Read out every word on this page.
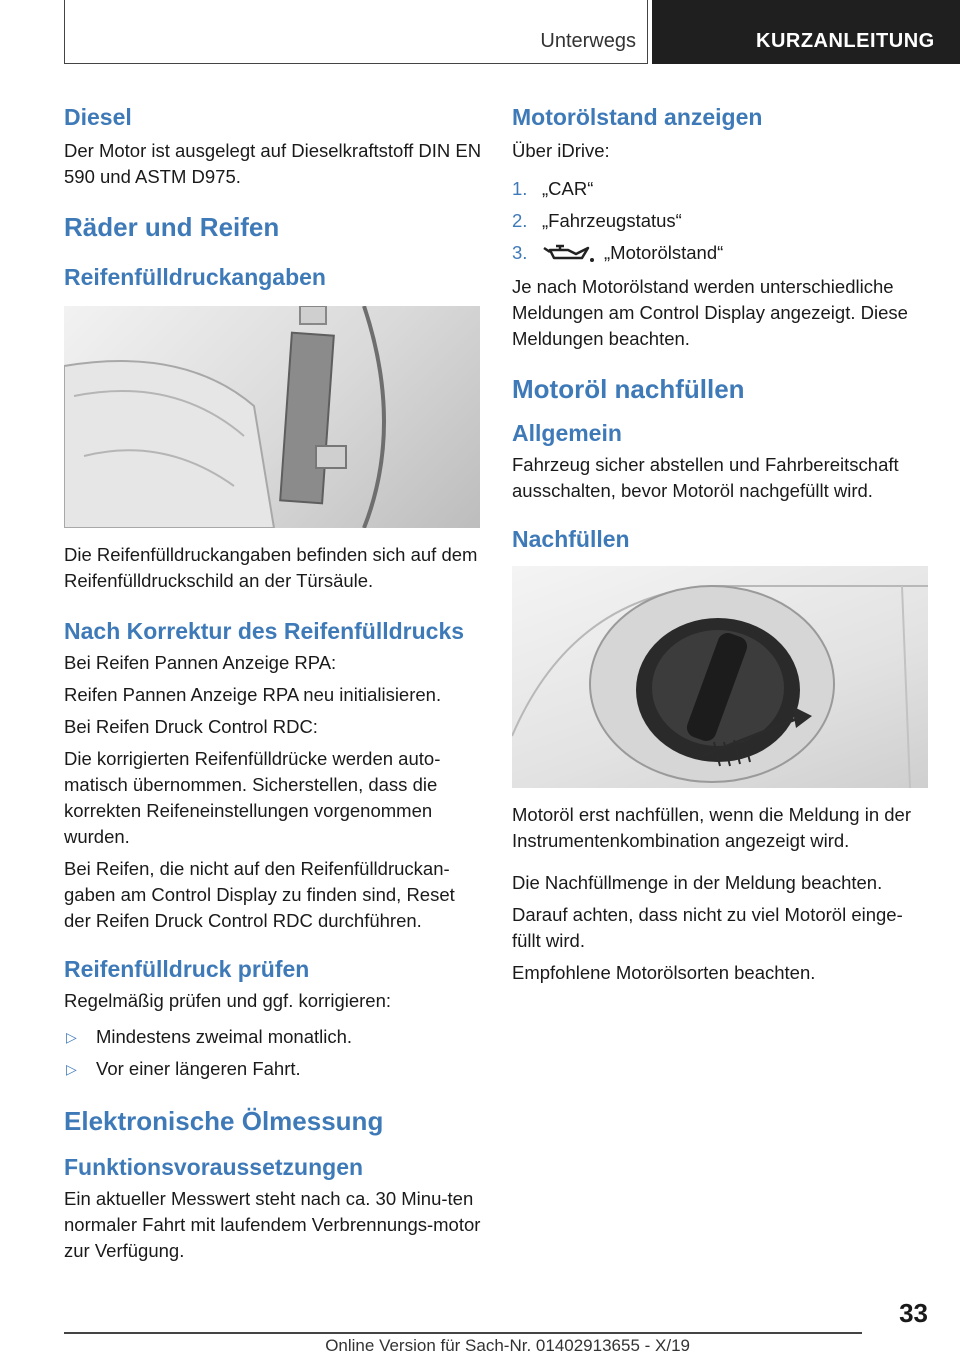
Unterwegs	KURZANLEITUNG
Diesel

Der Motor ist ausgelegt auf Dieselkraftstoff DIN EN 590 und ASTM D975.

Räder und Reifen
Reifenfülldruckangaben

Die Reifenfülldruckangaben befinden sich auf dem Reifenfülldruckschild an der Türsäule.

Nach Korrektur des Reifenfülldrucks

Bei Reifen Pannen Anzeige RPA:

Reifen Pannen Anzeige RPA neu initialisieren.

Bei Reifen Druck Control RDC:

Die korrigierten Reifenfülldrücke werden auto-matisch übernommen. Sicherstellen, dass die korrekten Reifeneinstellungen vorgenommen wurden.

Bei Reifen, die nicht auf den Reifenfülldruckan-gaben am Control Display zu finden sind, Reset der Reifen Druck Control RDC durchführen.

Reifenfülldruck prüfen

Regelmäßig prüfen und ggf. korrigieren:

▷	Mindestens zweimal monatlich.
▷	Vor einer längeren Fahrt.
Elektronische Ölmessung
Funktionsvoraussetzungen

Ein aktueller Messwert steht nach ca. 30 Minu-ten normaler Fahrt mit laufendem Verbrennungs-motor zur Verfügung.

Motorölstand anzeigen

Über iDrive:

1. „CAR“
2. „Fahrzeugstatus“
3.	„Motorölstand“

Je nach Motorölstand werden unterschiedliche Meldungen am Control Display angezeigt. Diese Meldungen beachten.

Motoröl nachfüllen
Allgemein

Fahrzeug sicher abstellen und Fahrbereitschaft ausschalten, bevor Motoröl nachgefüllt wird.

Nachfüllen

Motoröl erst nachfüllen, wenn die Meldung in der Instrumentenkombination angezeigt wird.

Die Nachfüllmenge in der Meldung beachten.

Darauf achten, dass nicht zu viel Motoröl einge-füllt wird.

Empfohlene Motorölsorten beachten.

33
Online Version für Sach-Nr. 01402913655 - X/19
